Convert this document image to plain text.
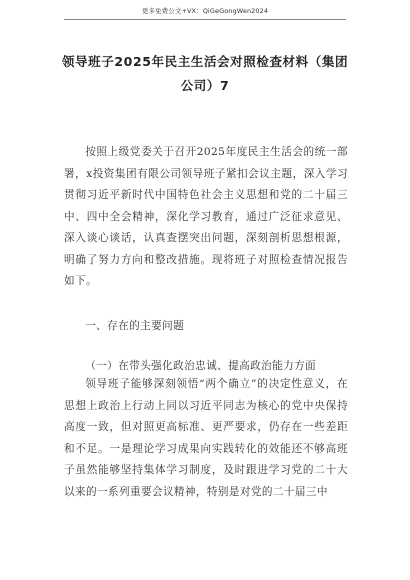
更多免费公文+VX：QiGeGongWen2024
领导班子2025年民主生活会对照检查材料（集团公司）7

按照上级党委关于召开2025年度民主生活会的统一部署，x投资集团有限公司领导班子紧扣会议主题，深入学习贯彻习近平新时代中国特色社会主义思想和党的二十届三中、四中全会精神，深化学习教育，通过广泛征求意见、深入谈心谈话，认真查摆突出问题，深刻剖析思想根源，明确了努力方向和整改措施。现将班子对照检查情况报告如下。

一、存在的主要问题
（一）在带头强化政治忠诚、提高政治能力方面

领导班子能够深刻领悟“两个确立”的决定性意义，在思想上政治上行动上同以习近平同志为核心的党中央保持高度一致，但对照更高标准、更严要求，仍存在一些差距和不足。一是理论学习成果向实践转化的效能还不够高班子虽然能够坚持集体学习制度，及时跟进学习党的二十大以来的一系列重要会议精神，特别是对党的二十届三中
